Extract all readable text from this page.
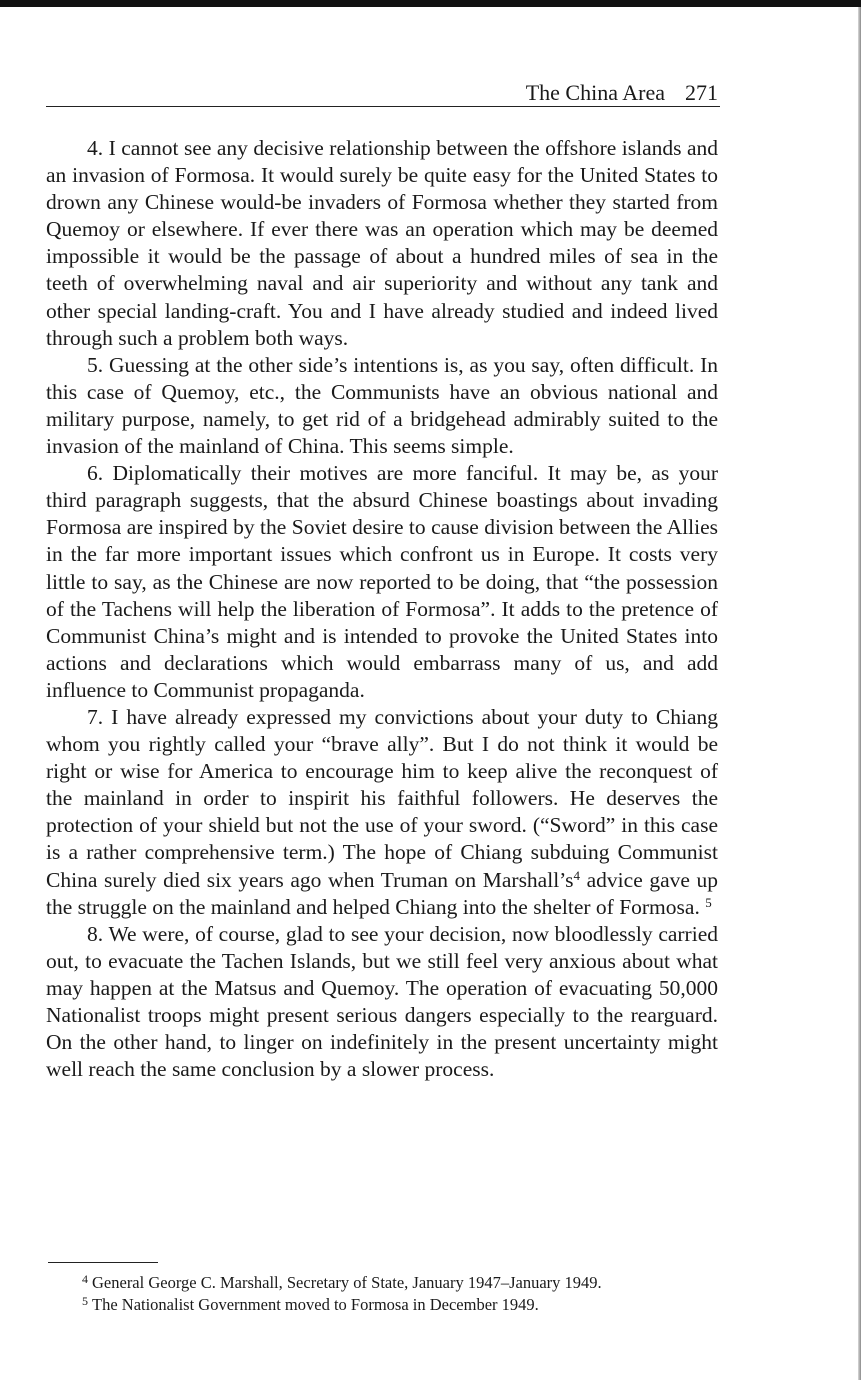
The China Area 271

4. I cannot see any decisive relationship between the offshore islands and an invasion of Formosa. It would surely be quite easy for the United States to drown any Chinese would-be invaders of Formosa whether they started from Quemoy or elsewhere. If ever there was an operation which may be deemed impossible it would be the passage of about a hundred miles of sea in the teeth of overwhelming naval and air superiority and without any tank and other special landing-craft. You and I have already studied and indeed lived through such a problem both ways.

5. Guessing at the other side’s intentions is, as you say, often difficult. In this case of Quemoy, etc., the Communists have an obvious national and military purpose, namely, to get rid of a bridgehead admirably suited to the invasion of the mainland of China. This seems simple.

6. Diplomatically their motives are more fanciful. It may be, as your third paragraph suggests, that the absurd Chinese boastings about invading Formosa are inspired by the Soviet desire to cause division between the Allies in the far more important issues which confront us in Europe. It costs very little to say, as the Chinese are now reported to be doing, that “the possession of the Tachens will help the liberation of Formosa”. It adds to the pretence of Communist China’s might and is intended to provoke the United States into actions and declarations which would embarrass many of us, and add influence to Communist propaganda.

7. I have already expressed my convictions about your duty to Chiang whom you rightly called your “brave ally”. But I do not think it would be right or wise for America to encourage him to keep alive the reconquest of the mainland in order to inspirit his faithful followers. He deserves the protection of your shield but not the use of your sword. (“Sword” in this case is a rather comprehensive term.) The hope of Chiang subduing Communist China surely died six years ago when Truman on Marshall’s$^4$ advice gave up the struggle on the mainland and helped Chiang into the shelter of Formosa. $^5$

8. We were, of course, glad to see your decision, now bloodlessly carried out, to evacuate the Tachen Islands, but we still feel very anxious about what may happen at the Matsus and Quemoy. The operation of evacuating 50,000 Nationalist troops might present serious dangers especially to the rearguard. On the other hand, to linger on indefinitely in the present uncertainty might well reach the same conclusion by a slower process.

$^4$ General George C. Marshall, Secretary of State, January 1947–January 1949.

$^5$ The Nationalist Government moved to Formosa in December 1949.
